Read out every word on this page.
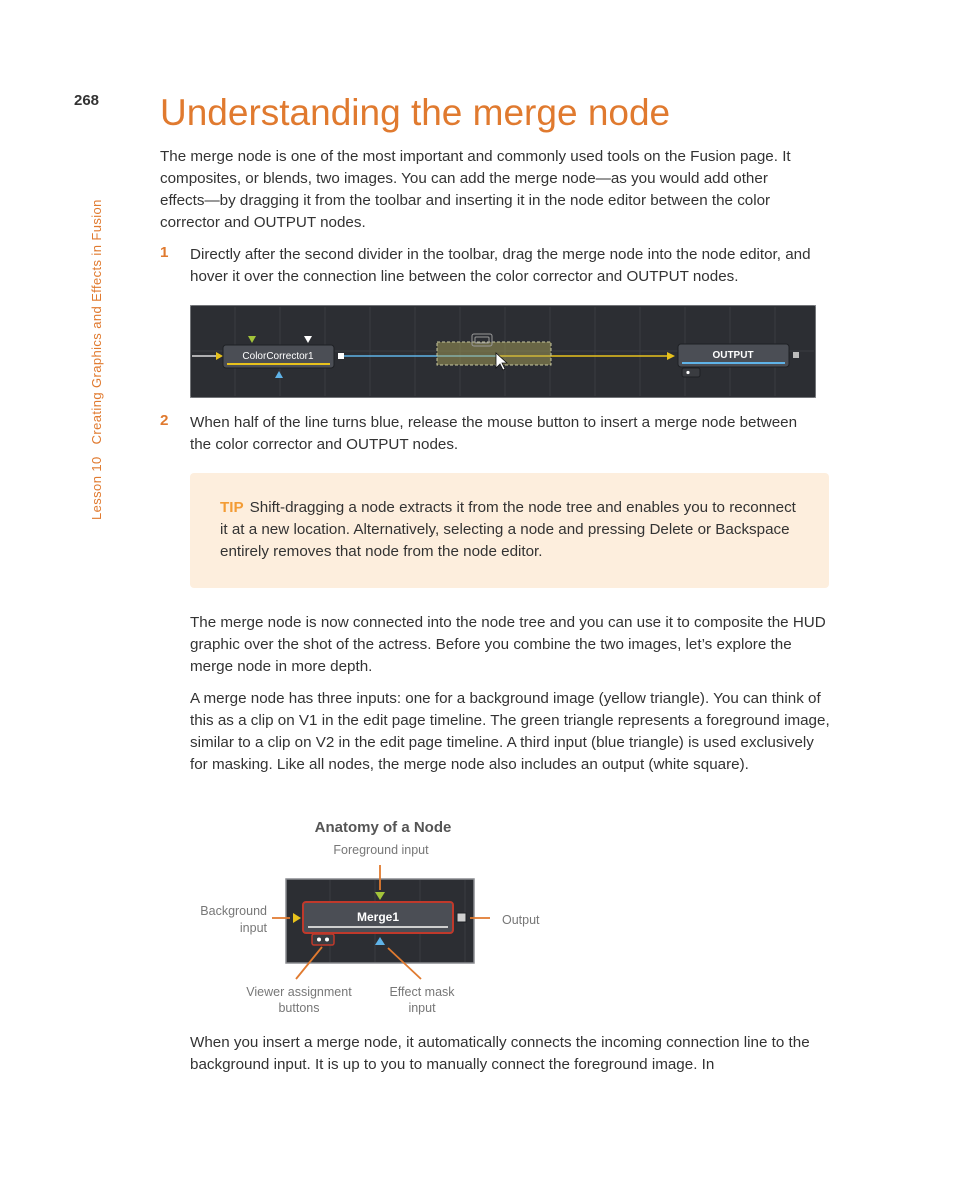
268
Lesson 10   Creating Graphics and Effects in Fusion
Understanding the merge node

The merge node is one of the most important and commonly used tools on the Fusion page. It composites, or blends, two images. You can add the merge node—as you would add other effects—by dragging it from the toolbar and inserting it in the node editor between the color corrector and OUTPUT nodes.

1 Directly after the second divider in the toolbar, drag the merge node into the node editor, and hover it over the connection line between the color corrector and OUTPUT nodes.

ColorCorrector1	OUTPUT
2 When half of the line turns blue, release the mouse button to insert a merge node between the color corrector and OUTPUT nodes.

TIP Shift-dragging a node extracts it from the node tree and enables you to reconnect it at a new location. Alternatively, selecting a node and pressing Delete or Backspace entirely removes that node from the node editor.

The merge node is now connected into the node tree and you can use it to composite the HUD graphic over the shot of the actress. Before you combine the two images, let’s explore the merge node in more depth.

A merge node has three inputs: one for a background image (yellow triangle). You can think of this as a clip on V1 in the edit page timeline. The green triangle represents a foreground image, similar to a clip on V2 in the edit page timeline. A third input (blue triangle) is used exclusively for masking. Like all nodes, the merge node also includes an output (white square).

Anatomy of a Node
Foreground input
Merge1
Background
input
Output
Viewer assignment
buttons
Effect mask
input

When you insert a merge node, it automatically connects the incoming connection line to the background input. It is up to you to manually connect the foreground image. In
